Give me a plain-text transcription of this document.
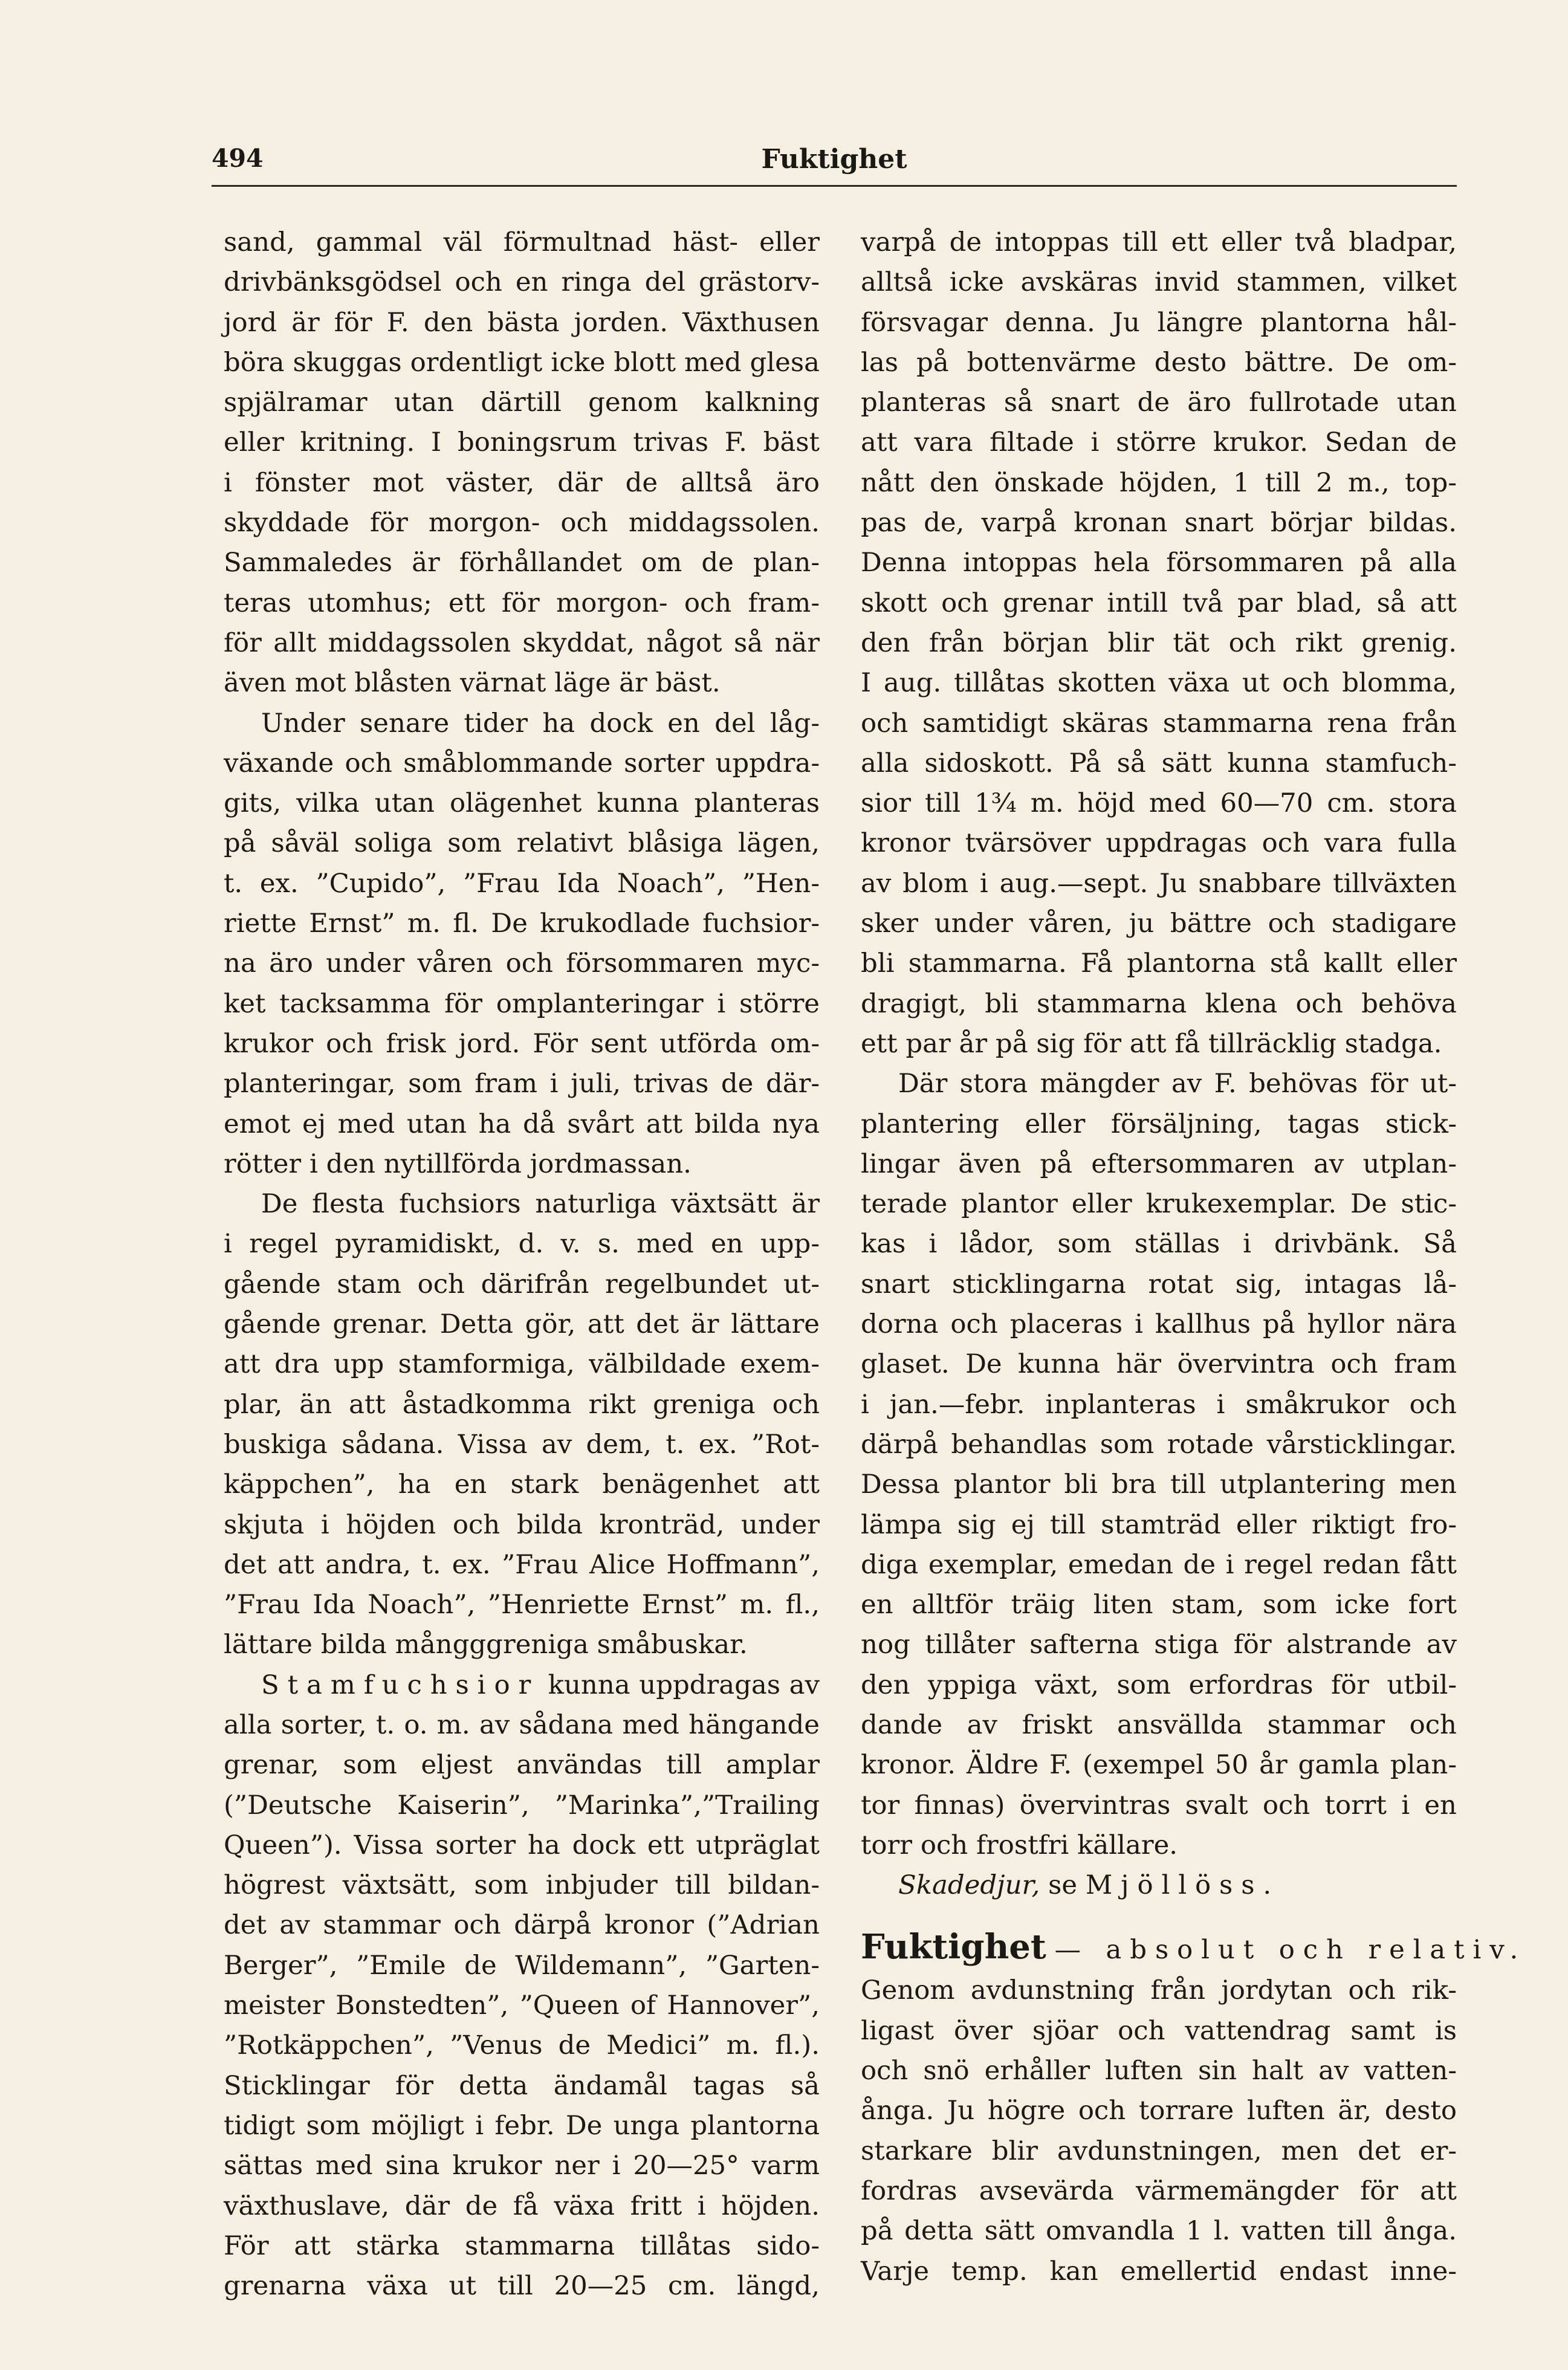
494	Fuktighet
sand, gammal väl förmultnad häst- eller
drivbänksgödsel och en ringa del grästorv-
jord är för F. den bästa jorden. Växthusen
böra skuggas ordentligt icke blott med glesa
spjälramar utan därtill genom kalkning
eller kritning. I boningsrum trivas F. bäst
i fönster mot väster, där de alltså äro
skyddade för morgon- och middagssolen.
Sammaledes är förhållandet om de plan-
teras utomhus; ett för morgon- och fram-
för allt middagssolen skyddat, något så när
även mot blåsten värnat läge är bäst.
Under senare tider ha dock en del låg-
växande och småblommande sorter uppdra-
gits, vilka utan olägenhet kunna planteras
på såväl soliga som relativt blåsiga lägen,
t. ex. ”Cupido”, ”Frau Ida Noach”, ”Hen-
riette Ernst” m. fl. De krukodlade fuchsior-
na äro under våren och försommaren myc-
ket tacksamma för omplanteringar i större
krukor och frisk jord. För sent utförda om-
planteringar, som fram i juli, trivas de där-
emot ej med utan ha då svårt att bilda nya
rötter i den nytillförda jordmassan.
De flesta fuchsiors naturliga växtsätt är
i regel pyramidiskt, d. v. s. med en upp-
gående stam och därifrån regelbundet ut-
gående grenar. Detta gör, att det är lättare
att dra upp stamformiga, välbildade exem-
plar, än att åstadkomma rikt greniga och
buskiga sådana. Vissa av dem, t. ex. ”Rot-
käppchen”, ha en stark benägenhet att
skjuta i höjden och bilda kronträd, under
det att andra, t. ex. ”Frau Alice Hoffmann”,
”Frau Ida Noach”, ”Henriette Ernst” m. fl.,
lättare bilda mångggreniga småbuskar.
Stamfuchsior kunna uppdragas av
alla sorter, t. o. m. av sådana med hängande
grenar, som eljest användas till amplar
(”Deutsche Kaiserin”, ”Marinka”,”Trailing
Queen”). Vissa sorter ha dock ett utpräglat
högrest växtsätt, som inbjuder till bildan-
det av stammar och därpå kronor (”Adrian
Berger”, ”Emile de Wildemann”, ”Garten-
meister Bonstedten”, ”Queen of Hannover”,
”Rotkäppchen”, ”Venus de Medici” m. fl.).
Sticklingar för detta ändamål tagas så
tidigt som möjligt i febr. De unga plantorna
sättas med sina krukor ner i 20—25° varm
växthuslave, där de få växa fritt i höjden.
För att stärka stammarna tillåtas sido-
grenarna växa ut till 20—25 cm. längd,
varpå de intoppas till ett eller två bladpar,
alltså icke avskäras invid stammen, vilket
försvagar denna. Ju längre plantorna hål-
las på bottenvärme desto bättre. De om-
planteras så snart de äro fullrotade utan
att vara filtade i större krukor. Sedan de
nått den önskade höjden, 1 till 2 m., top-
pas de, varpå kronan snart börjar bildas.
Denna intoppas hela försommaren på alla
skott och grenar intill två par blad, så att
den från början blir tät och rikt grenig.
I aug. tillåtas skotten växa ut och blomma,
och samtidigt skäras stammarna rena från
alla sidoskott. På så sätt kunna stamfuch-
sior till 1¾ m. höjd med 60—70 cm. stora
kronor tvärsöver uppdragas och vara fulla
av blom i aug.—sept. Ju snabbare tillväxten
sker under våren, ju bättre och stadigare
bli stammarna. Få plantorna stå kallt eller
dragigt, bli stammarna klena och behöva
ett par år på sig för att få tillräcklig stadga.
Där stora mängder av F. behövas för ut-
plantering eller försäljning, tagas stick-
lingar även på eftersommaren av utplan-
terade plantor eller krukexemplar. De stic-
kas i lådor, som ställas i drivbänk. Så
snart sticklingarna rotat sig, intagas lå-
dorna och placeras i kallhus på hyllor nära
glaset. De kunna här övervintra och fram
i jan.—febr. inplanteras i småkrukor och
därpå behandlas som rotade vårsticklingar.
Dessa plantor bli bra till utplantering men
lämpa sig ej till stamträd eller riktigt fro-
diga exemplar, emedan de i regel redan fått
en alltför träig liten stam, som icke fort
nog tillåter safterna stiga för alstrande av
den yppiga växt, som erfordras för utbil-
dande av friskt ansvällda stammar och
kronor. Äldre F. (exempel 50 år gamla plan-
tor finnas) övervintras svalt och torrt i en
torr och frostfri källare.
Skadedjur, se Mjöllöss.
Fuktighet — absolut och relativ.
Genom avdunstning från jordytan och rik-
ligast över sjöar och vattendrag samt is
och snö erhåller luften sin halt av vatten-
ånga. Ju högre och torrare luften är, desto
starkare blir avdunstningen, men det er-
fordras avsevärda värmemängder för att
på detta sätt omvandla 1 l. vatten till ånga.
Varje temp. kan emellertid endast inne-
